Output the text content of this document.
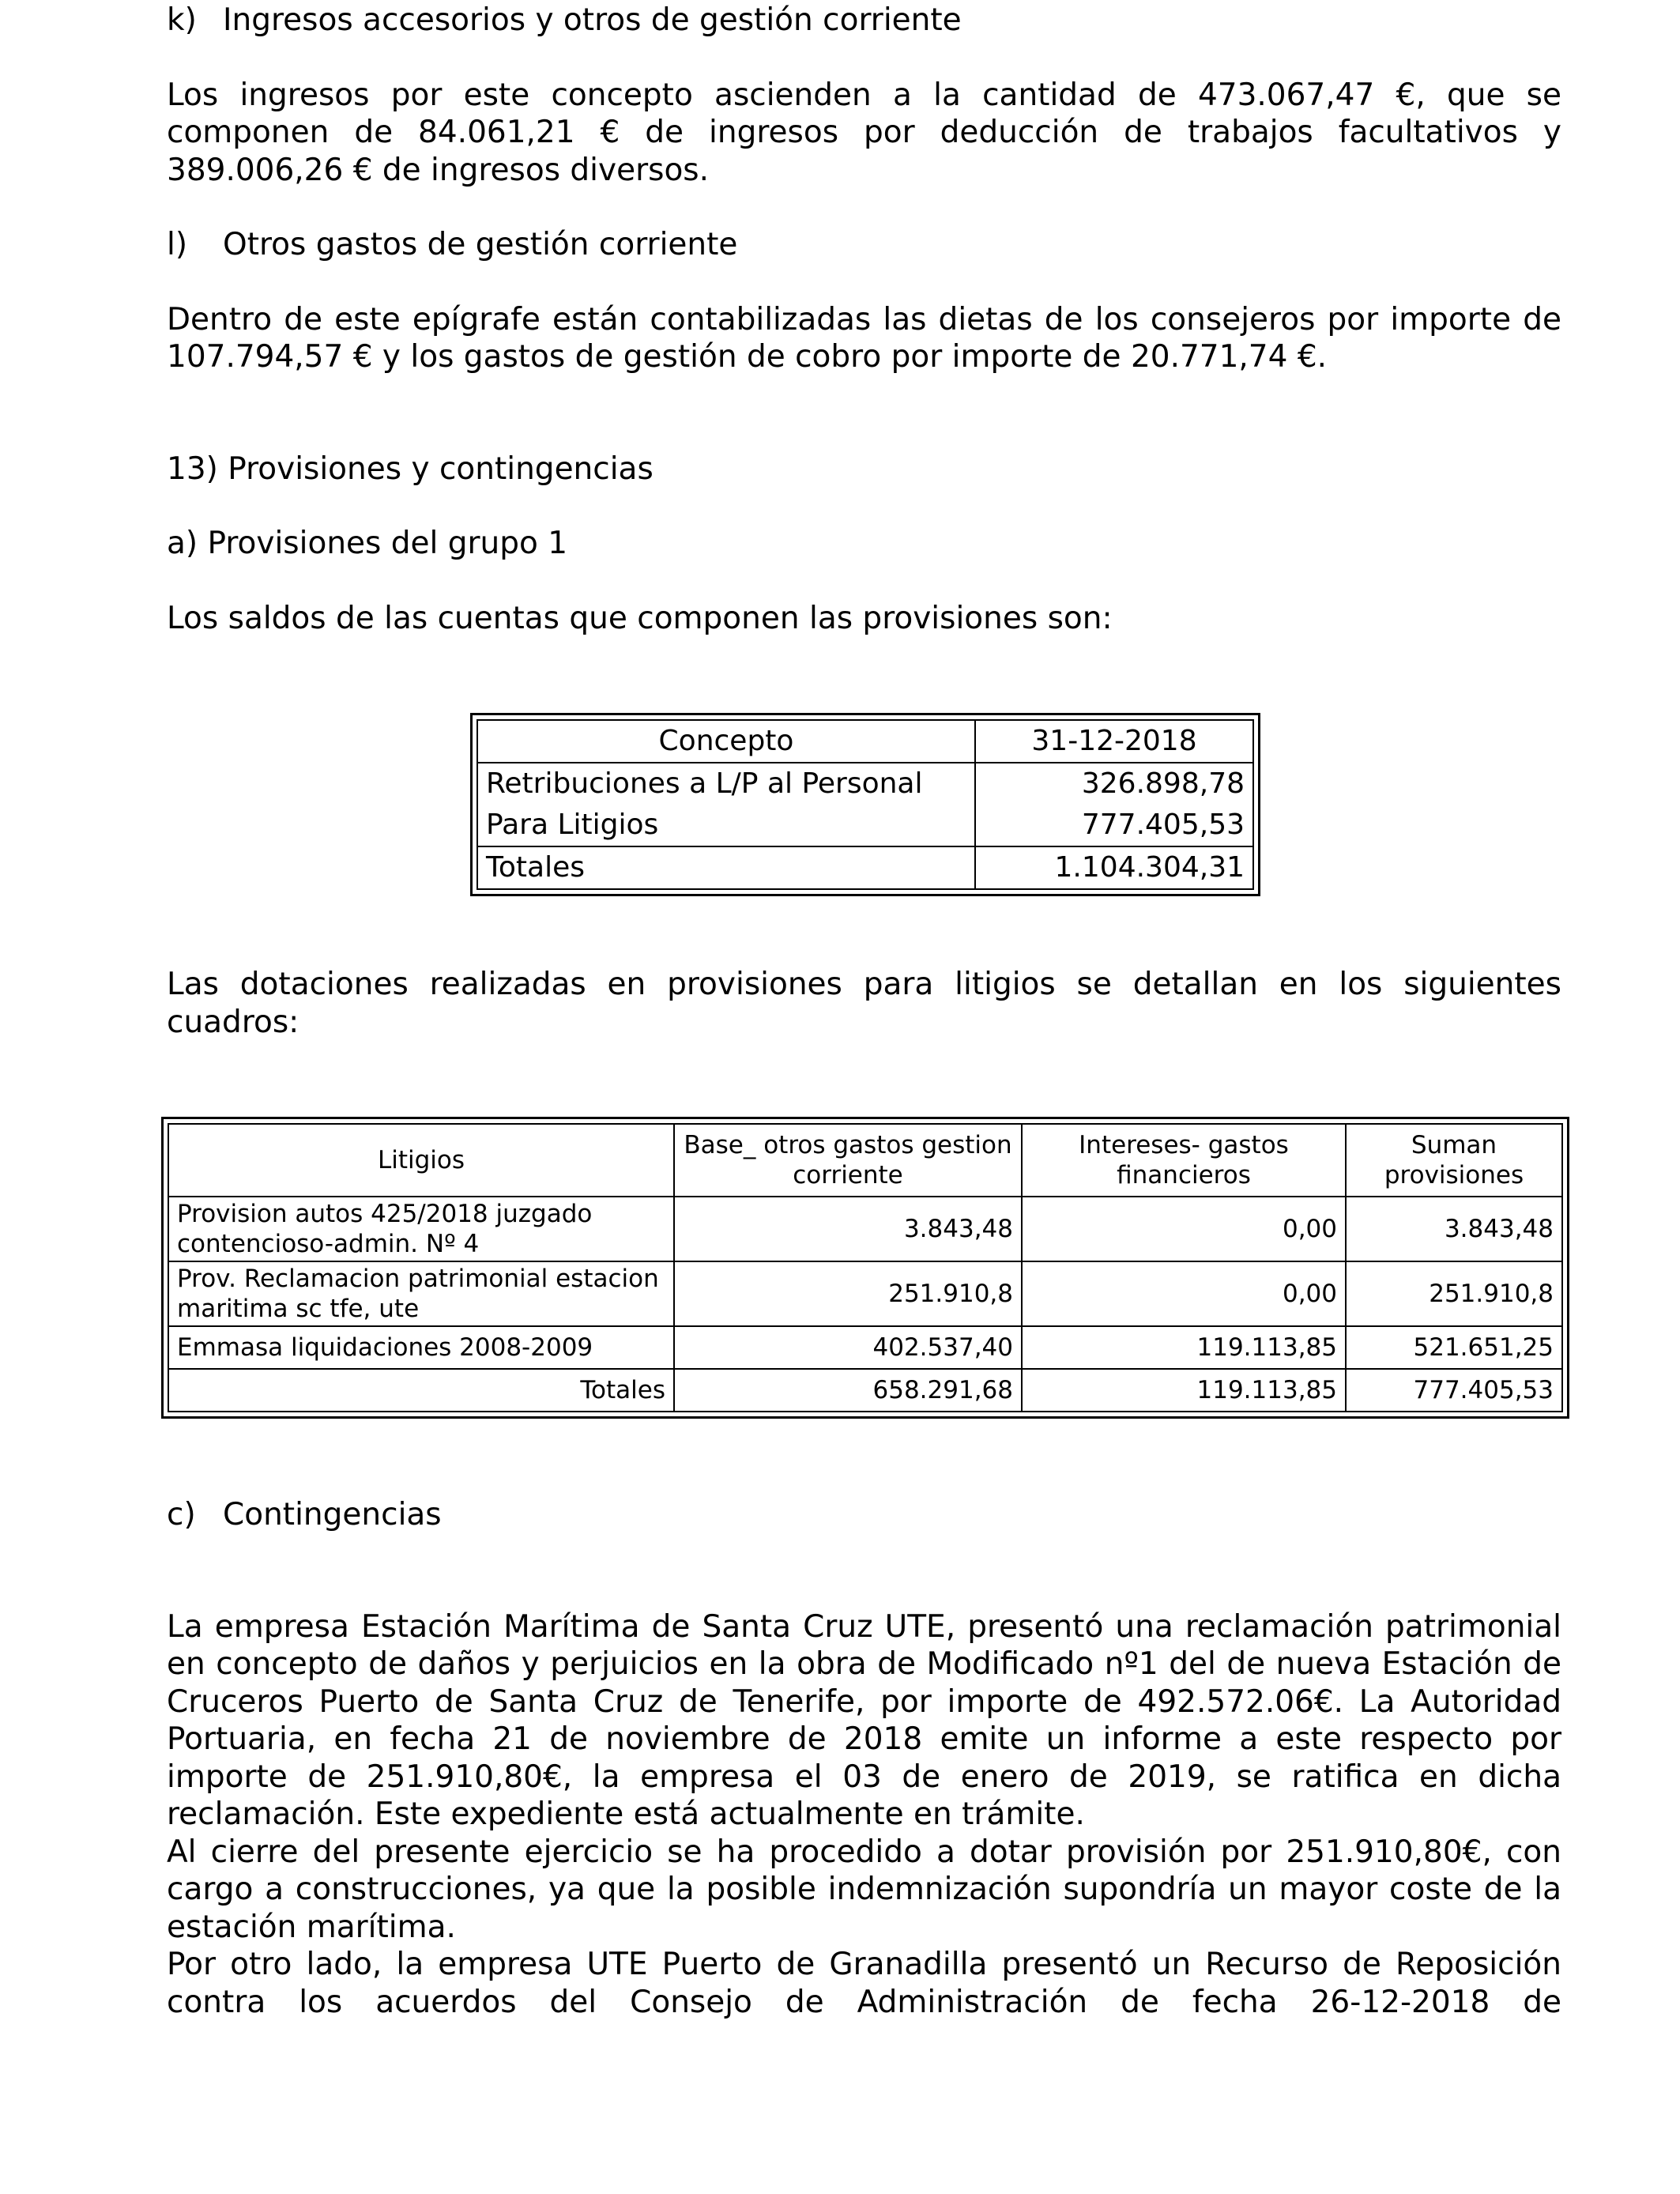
k) Ingresos accesorios y otros de gestión corriente

Los ingresos por este concepto ascienden a la cantidad de 473.067,47 €, que se componen de 84.061,21 € de ingresos por deducción de trabajos facultativos y 389.006,26 € de ingresos diversos.

l)	Otros gastos de gestión corriente

Dentro de este epígrafe están contabilizadas las dietas de los consejeros por importe de 107.794,57 € y los gastos de gestión de cobro por importe de 20.771,74 €.

13) Provisiones y contingencias

a) Provisiones del grupo 1

Los saldos de las cuentas que componen las provisiones son:

Concepto	31-12-2018
Retribuciones a L/P al Personal	326.898,78
Para Litigios	777.405,53
Totales	1.104.304,31

Las dotaciones realizadas en provisiones para litigios se detallan en los siguientes cuadros:

Litigios	Base_ otros gastos gestion corriente	Intereses- gastos financieros	Suman provisiones
Provision autos 425/2018 juzgado contencioso-admin. Nº 4	3.843,48	0,00	3.843,48
Prov. Reclamacion patrimonial estacion maritima sc tfe, ute	251.910,8	0,00	251.910,8
Emmasa liquidaciones 2008-2009	402.537,40	119.113,85	521.651,25
Totales	658.291,68	119.113,85	777.405,53
c) Contingencias

La empresa Estación Marítima de Santa Cruz UTE, presentó una reclamación patrimonial en concepto de daños y perjuicios en la obra de Modificado nº1 del de nueva Estación de Cruceros Puerto de Santa Cruz de Tenerife, por importe de 492.572.06€. La Autoridad Portuaria, en fecha 21 de noviembre de 2018 emite un informe a este respecto por importe de 251.910,80€, la empresa el 03 de enero de 2019, se ratifica en dicha reclamación. Este expediente está actualmente en trámite.

Al cierre del presente ejercicio se ha procedido a dotar provisión por 251.910,80€, con cargo a construcciones, ya que la posible indemnización supondría un mayor coste de la estación marítima.

Por otro lado, la empresa UTE Puerto de Granadilla presentó un Recurso de Reposición contra los acuerdos del Consejo de Administración de fecha 26-12-2018 de
